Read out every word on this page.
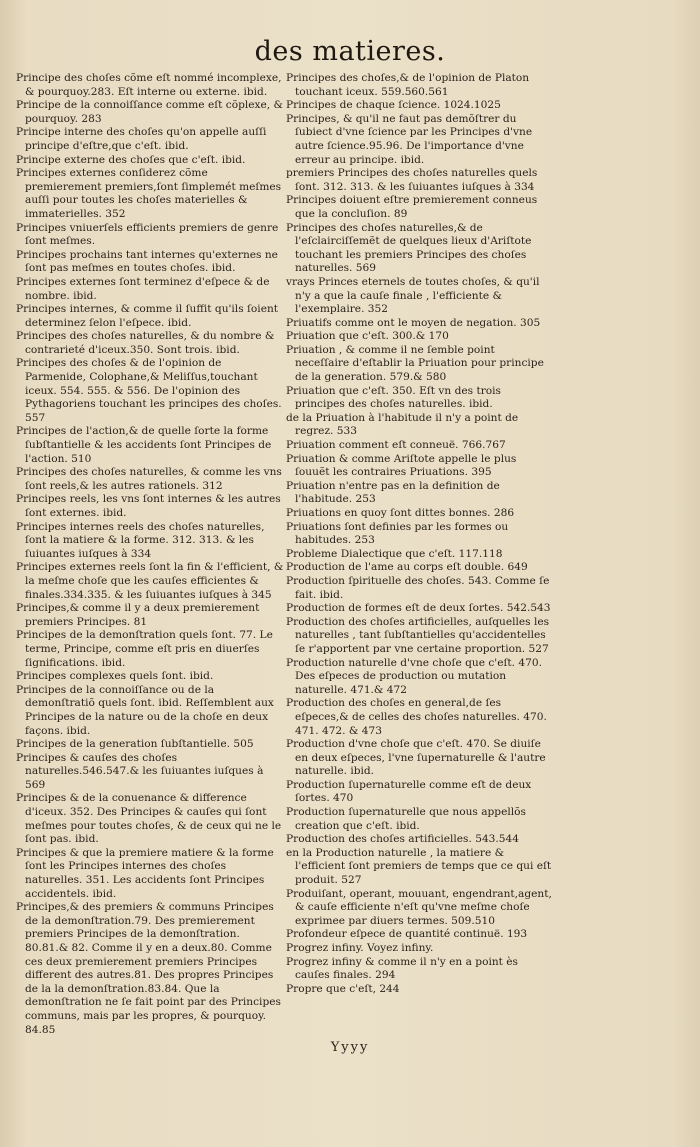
des matieres.

Principe des choſes cõme eſt nommé incomplexe, & pourquoy.283. Eſt interne ou externe. ibid.

Principe de la connoiſſance comme eſt cõplexe, & pourquoy. 283

Principe interne des choſes qu'on appelle auſſi principe d'eſtre,que c'eſt. ibid.

Principe externe des choſes que c'eſt. ibid.

Principes externes conſiderez cõme premierement premiers,ſont ſimplemét meſmes auſſi pour toutes les choſes materielles & immaterielles. 352

Principes vniuerſels efficients premiers de genre ſont meſmes.

Principes prochains tant internes qu'externes ne ſont pas meſmes en toutes choſes. ibid.

Principes externes ſont terminez d'eſpece & de nombre. ibid.

Principes internes, & comme il ſuffit qu'ils ſoient determinez ſelon l'eſpece. ibid.

Principes des choſes naturelles, & du nombre & contrarieté d'iceux.350. Sont trois. ibid.

Principes des choſes & de l'opinion de Parmenide, Colophane,& Meliſſus,touchant iceux. 554. 555. & 556. De l'opinion des Pythagoriens touchant les principes des choſes. 557

Principes de l'action,& de quelle ſorte la forme ſubſtantielle & les accidents ſont Principes de l'action. 510

Principes des choſes naturelles, & comme les vns ſont reels,& les autres rationels. 312

Principes reels, les vns ſont internes & les autres ſont externes. ibid.

Principes internes reels des choſes naturelles, ſont la matiere & la forme. 312. 313. & les ſuiuantes iuſques à 334

Principes externes reels ſont la fin & l'efficient, & la meſme choſe que les cauſes efficientes & finales.334.335. & les ſuiuantes iuſques à 345

Principes,& comme il y a deux premierement premiers Principes. 81

Principes de la demonſtration quels ſont. 77. Le terme, Principe, comme eſt pris en diuerſes ſignifications. ibid.

Principes complexes quels ſont. ibid.

Principes de la connoiſſance ou de la demonſtratiõ quels ſont. ibid. Reſſemblent aux Principes de la nature ou de la choſe en deux façons. ibid.

Principes de la generation ſubſtantielle. 505

Principes & cauſes des choſes naturelles.546.547.& les ſuiuantes iuſques à 569

Principes & de la conuenance & difference d'iceux. 352. Des Principes & cauſes qui ſont meſmes pour toutes choſes, & de ceux qui ne le ſont pas. ibid.

Principes & que la premiere matiere & la forme ſont les Principes internes des choſes naturelles. 351. Les accidents ſont Principes accidentels. ibid.

Principes,& des premiers & communs Principes de la demonſtration.79. Des premierement premiers Principes de la demonſtration. 80.81.& 82. Comme il y en a deux.80. Comme ces deux premierement premiers Principes different des autres.81. Des propres Principes de la la demonſtration.83.84. Que la demonſtration ne ſe fait point par des Principes communs, mais par les propres, & pourquoy. 84.85

Principes des choſes,& de l'opinion de Platon touchant iceux. 559.560.561

Principes de chaque ſcience. 1024.1025

Principes, & qu'il ne faut pas demõſtrer du ſubiect d'vne ſcience par les Principes d'vne autre ſcience.95.96. De l'importance d'vne erreur au principe. ibid.

premiers Principes des choſes naturelles quels ſont. 312. 313. & les ſuiuantes iuſques à 334

Principes doiuent eſtre premierement conneus que la concluſion. 89

Principes des choſes naturelles,& de l'eſclairciſſemẽt de quelques lieux d'Ariſtote touchant les premiers Principes des choſes naturelles. 569

vrays Princes eternels de toutes choſes, & qu'il n'y a que la cauſe finale , l'efficiente & l'exemplaire. 352

Priuatifs comme ont le moyen de negation. 305

Priuation que c'eſt. 300.& 170

Priuation , & comme il ne ſemble point neceſſaire d'eſtablir la Priuation pour principe de la generation. 579.& 580

Priuation que c'eſt. 350. Eſt vn des trois principes des choſes naturelles. ibid.

de la Priuation à l'habitude il n'y a point de regrez. 533

Priuation comment eſt conneuë. 766.767

Priuation & comme Ariſtote appelle le plus ſouuẽt les contraires Priuations. 395

Priuation n'entre pas en la definition de l'habitude. 253

Priuations en quoy ſont dittes bonnes. 286

Priuations ſont definies par les formes ou habitudes. 253

Probleme Dialectique que c'eſt. 117.118

Production de l'ame au corps eſt double. 649

Production ſpirituelle des choſes. 543. Comme ſe fait. ibid.

Production de formes eſt de deux ſortes. 542.543

Production des choſes artificielles, auſquelles les naturelles , tant ſubſtantielles qu'accidentelles ſe r'apportent par vne certaine proportion. 527

Production naturelle d'vne choſe que c'eſt. 470. Des eſpeces de production ou mutation naturelle. 471.& 472

Production des choſes en general,de ſes eſpeces,& de celles des choſes naturelles. 470. 471. 472. & 473

Production d'vne choſe que c'eſt. 470. Se diuiſe en deux eſpeces, l'vne ſupernaturelle & l'autre naturelle. ibid.

Production ſupernaturelle comme eſt de deux ſortes. 470

Production ſupernaturelle que nous appellõs creation que c'eſt. ibid.

Production des choſes artificielles. 543.544

en la Production naturelle , la matiere & l'efficient ſont premiers de temps que ce qui eſt produit. 527

Produiſant, operant, mouuant, engendrant,agent, & cauſe efficiente n'eſt qu'vne meſme choſe exprimee par diuers termes. 509.510

Profondeur eſpece de quantité continuë. 193

Progrez infiny. Voyez infiny.

Progrez infiny & comme il n'y en a point ès cauſes finales. 294

Propre que c'eſt, 244

Yyyy
